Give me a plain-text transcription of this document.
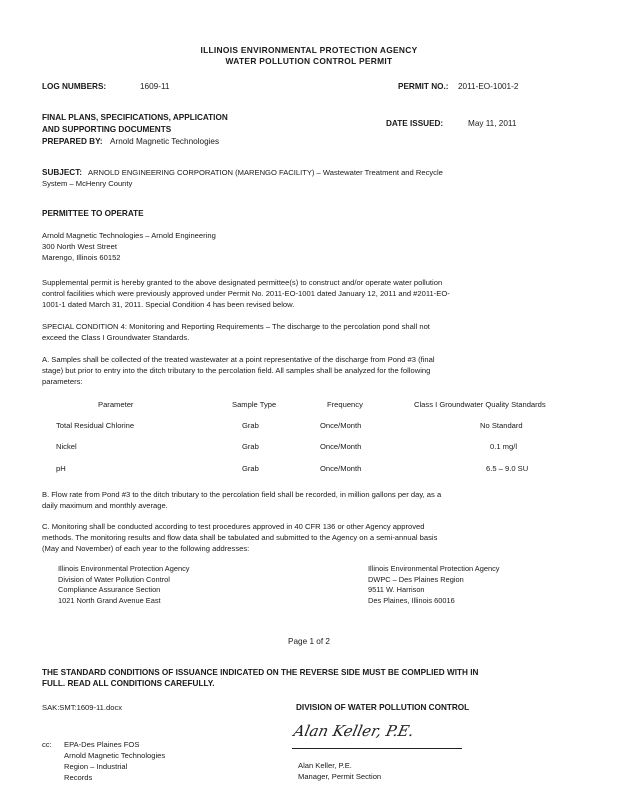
ILLINOIS ENVIRONMENTAL PROTECTION AGENCY
WATER POLLUTION CONTROL PERMIT
LOG NUMBERS:	1609-11	PERMIT NO.: 2011-EO-1001-2
FINAL PLANS, SPECIFICATIONS, APPLICATION
AND SUPPORTING DOCUMENTS
PREPARED BY: Arnold Magnetic Technologies
DATE ISSUED:	May 11, 2011
SUBJECT: ARNOLD ENGINEERING CORPORATION (MARENGO FACILITY) – Wastewater Treatment and Recycle
System – McHenry County
PERMITTEE TO OPERATE
Arnold Magnetic Technologies – Arnold Engineering
300 North West Street
Marengo, Illinois 60152
Supplemental permit is hereby granted to the above designated permittee(s) to construct and/or operate water pollution
control facilities which were previously approved under Permit No. 2011-EO-1001 dated January 12, 2011 and #2011-EO-
1001-1 dated March 31, 2011. Special Condition 4 has been revised below.
SPECIAL CONDITION 4: Monitoring and Reporting Requirements – The discharge to the percolation pond shall not
exceed the Class I Groundwater Standards.
A. Samples shall be collected of the treated wastewater at a point representative of the discharge from Pond #3 (final
stage) but prior to entry into the ditch tributary to the percolation field. All samples shall be analyzed for the following
parameters:
Parameter	Sample Type	Frequency	Class I Groundwater Quality Standards
Total Residual Chlorine	Grab	Once/Month	No Standard
Nickel	Grab	Once/Month	0.1 mg/l
pH	Grab	Once/Month	6.5 – 9.0 SU
B. Flow rate from Pond #3 to the ditch tributary to the percolation field shall be recorded, in million gallons per day, as a
daily maximum and monthly average.
C. Monitoring shall be conducted according to test procedures approved in 40 CFR 136 or other Agency approved
methods. The monitoring results and flow data shall be tabulated and submitted to the Agency on a semi-annual basis
(May and November) of each year to the following addresses:
Illinois Environmental Protection Agency
Division of Water Pollution Control
Compliance Assurance Section
1021 North Grand Avenue East
Illinois Environmental Protection Agency
DWPC – Des Plaines Region
9511 W. Harrison
Des Plaines, Illinois 60016
Page 1 of 2
THE STANDARD CONDITIONS OF ISSUANCE INDICATED ON THE REVERSE SIDE MUST BE COMPLIED WITH IN
FULL. READ ALL CONDITIONS CAREFULLY.
SAK:SMT:1609-11.docx	DIVISION OF WATER POLLUTION CONTROL
Alan Keller, P.E.
cc: EPA-Des Plaines FOS
Arnold Magnetic Technologies
Region – Industrial
Records
Alan Keller, P.E.
Manager, Permit Section
